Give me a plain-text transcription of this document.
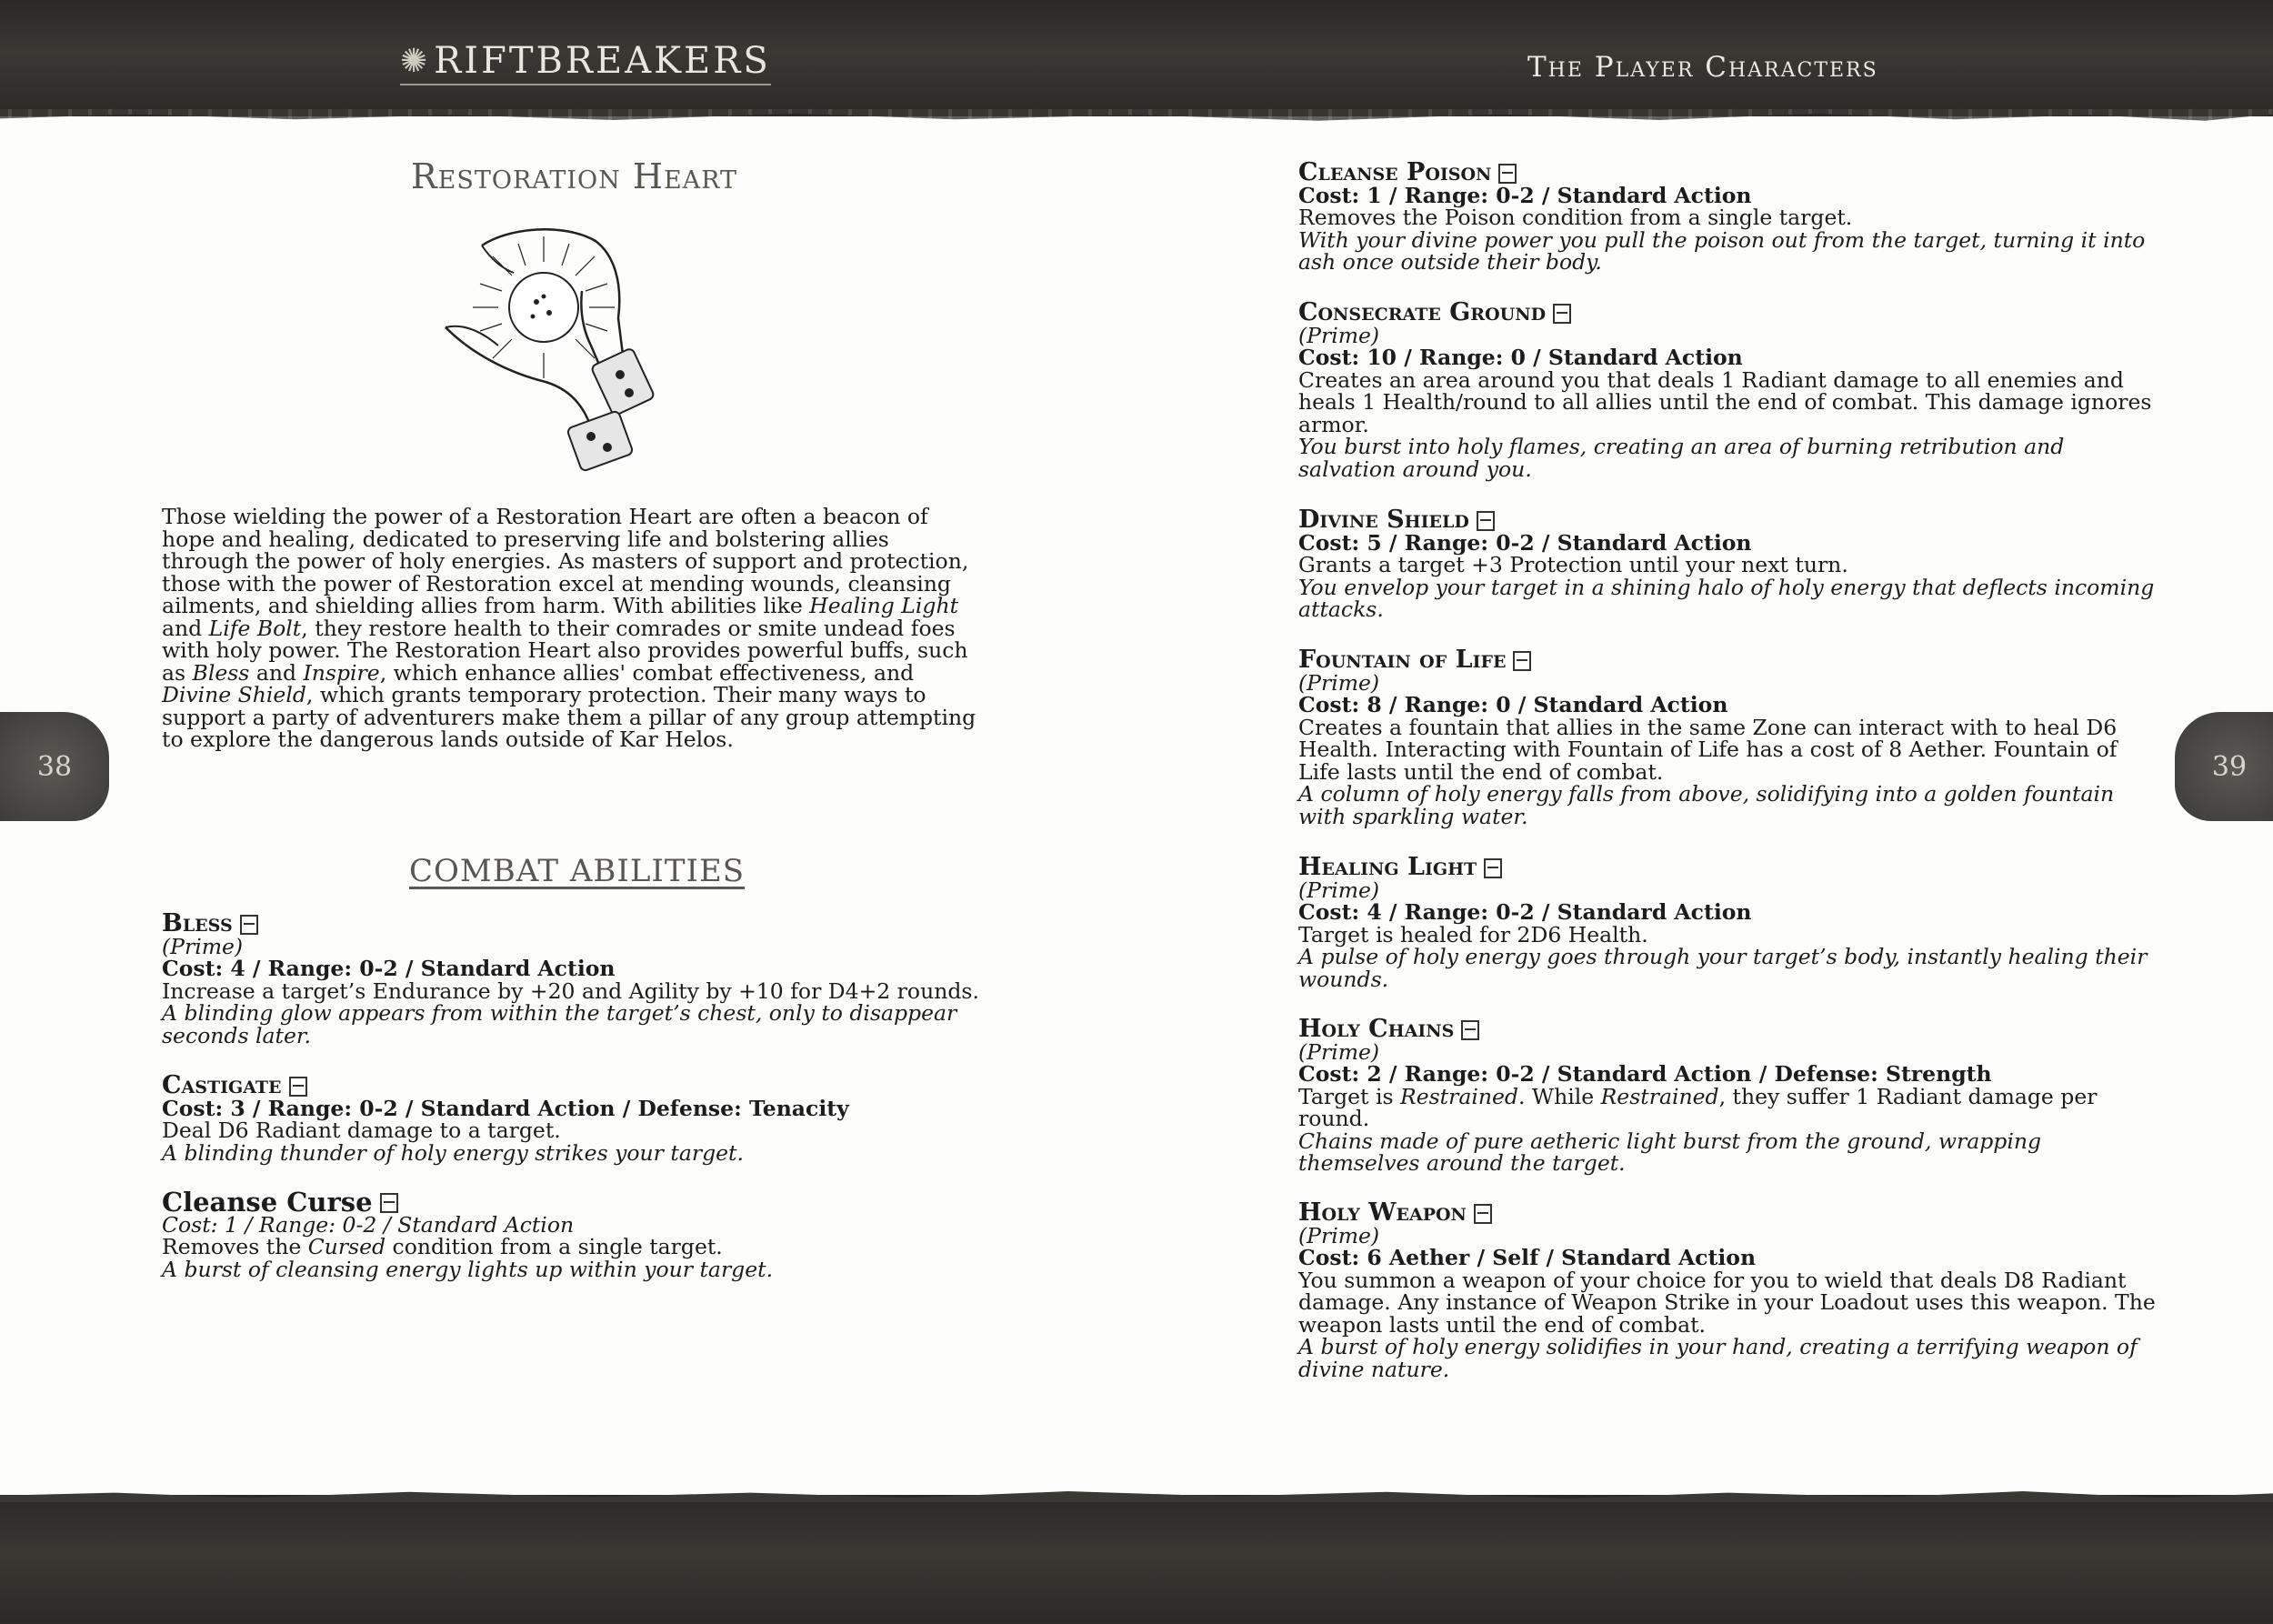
✺ RIFTBREAKERS	The Player Characters
38	39
Restoration Heart

Those wielding the power of a Restoration Heart are often a beacon of hope and healing, dedicated to preserving life and bolstering allies through the power of holy energies. As masters of support and protection, those with the power of Restoration excel at mending wounds, cleansing ailments, and shielding allies from harm. With abilities like Healing Light and Life Bolt, they restore health to their comrades or smite undead foes with holy power. The Restoration Heart also provides powerful buffs, such as Bless and Inspire, which enhance allies' combat effectiveness, and Divine Shield, which grants temporary protection. Their many ways to support a party of adventurers make them a pillar of any group attempting to explore the dangerous lands outside of Kar Helos.

COMBAT ABILITIES
Bless
(Prime)
Cost: 4 / Range: 0-2 / Standard Action
Increase a target’s Endurance by +20 and Agility by +10 for D4+2 rounds.
A blinding glow appears from within the target’s chest, only to disappear seconds later.
Castigate
Cost: 3 / Range: 0-2 / Standard Action / Defense: Tenacity
Deal D6 Radiant damage to a target.
A blinding thunder of holy energy strikes your target.
Cleanse Curse
Cost: 1 / Range: 0-2 / Standard Action
Removes the Cursed condition from a single target.
A burst of cleansing energy lights up within your target.
Cleanse Poison
Cost: 1 / Range: 0-2 / Standard Action
Removes the Poison condition from a single target.
With your divine power you pull the poison out from the target, turning it into ash once outside their body.
Consecrate Ground
(Prime)
Cost: 10 / Range: 0 / Standard Action
Creates an area around you that deals 1 Radiant damage to all enemies and heals 1 Health/round to all allies until the end of combat. This damage ignores armor.
You burst into holy flames, creating an area of burning retribution and salvation around you.
Divine Shield
Cost: 5 / Range: 0-2 / Standard Action
Grants a target +3 Protection until your next turn.
You envelop your target in a shining halo of holy energy that deflects incoming attacks.
Fountain of Life
(Prime)
Cost: 8 / Range: 0 / Standard Action
Creates a fountain that allies in the same Zone can interact with to heal D6 Health. Interacting with Fountain of Life has a cost of 8 Aether. Fountain of Life lasts until the end of combat.
A column of holy energy falls from above, solidifying into a golden fountain with sparkling water.
Healing Light
(Prime)
Cost: 4 / Range: 0-2 / Standard Action
Target is healed for 2D6 Health.
A pulse of holy energy goes through your target’s body, instantly healing their wounds.
Holy Chains
(Prime)
Cost: 2 / Range: 0-2 / Standard Action / Defense: Strength
Target is Restrained. While Restrained, they suffer 1 Radiant damage per round.
Chains made of pure aetheric light burst from the ground, wrapping themselves around the target.
Holy Weapon
(Prime)
Cost: 6 Aether / Self / Standard Action
You summon a weapon of your choice for you to wield that deals D8 Radiant damage. Any instance of Weapon Strike in your Loadout uses this weapon. The weapon lasts until the end of combat.
A burst of holy energy solidifies in your hand, creating a terrifying weapon of divine nature.
